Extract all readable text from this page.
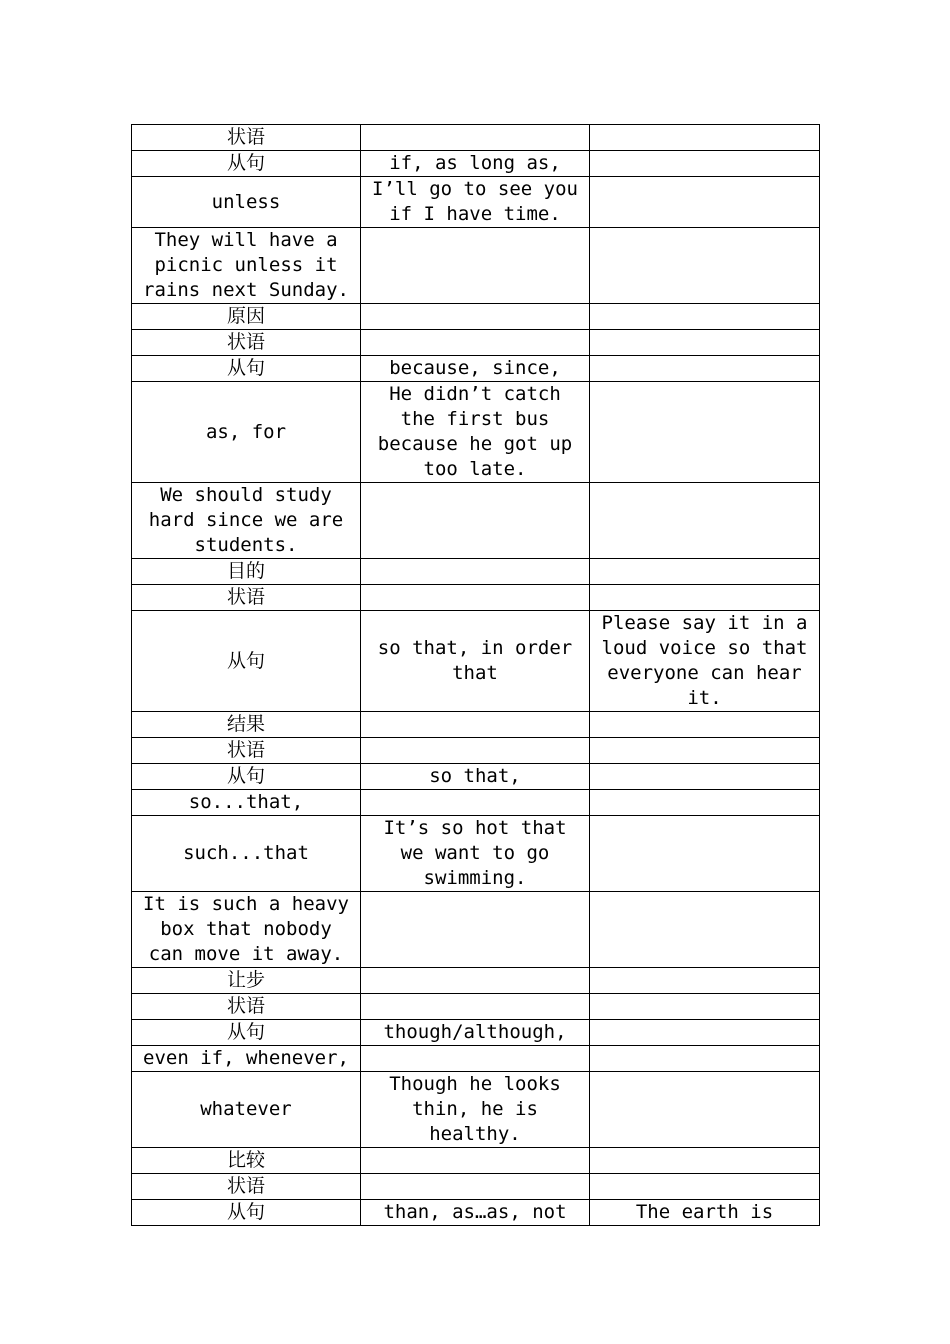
状语		
从句	if, as long as,	
unless	I’ll go to see you if I have time.	
They will have a picnic unless it rains next Sunday.		
原因		
状语		
从句	because, since,	
as, for	He didn’t catch the first bus because he got up too late.	
We should study hard since we are students.		
目的		
状语		
从句	so that, in order that	Please say it in a loud voice so that everyone can hear it.
结果		
状语		
从句	so that,	
so...that,		
such...that	It’s so hot that we want to go swimming.	
It is such a heavy box that nobody can move it away.		
让步		
状语		
从句	though/although,	
even if, whenever,		
whatever	Though he looks thin, he is healthy.	
比较		
状语		
从句	than, as…as, not	The earth is
